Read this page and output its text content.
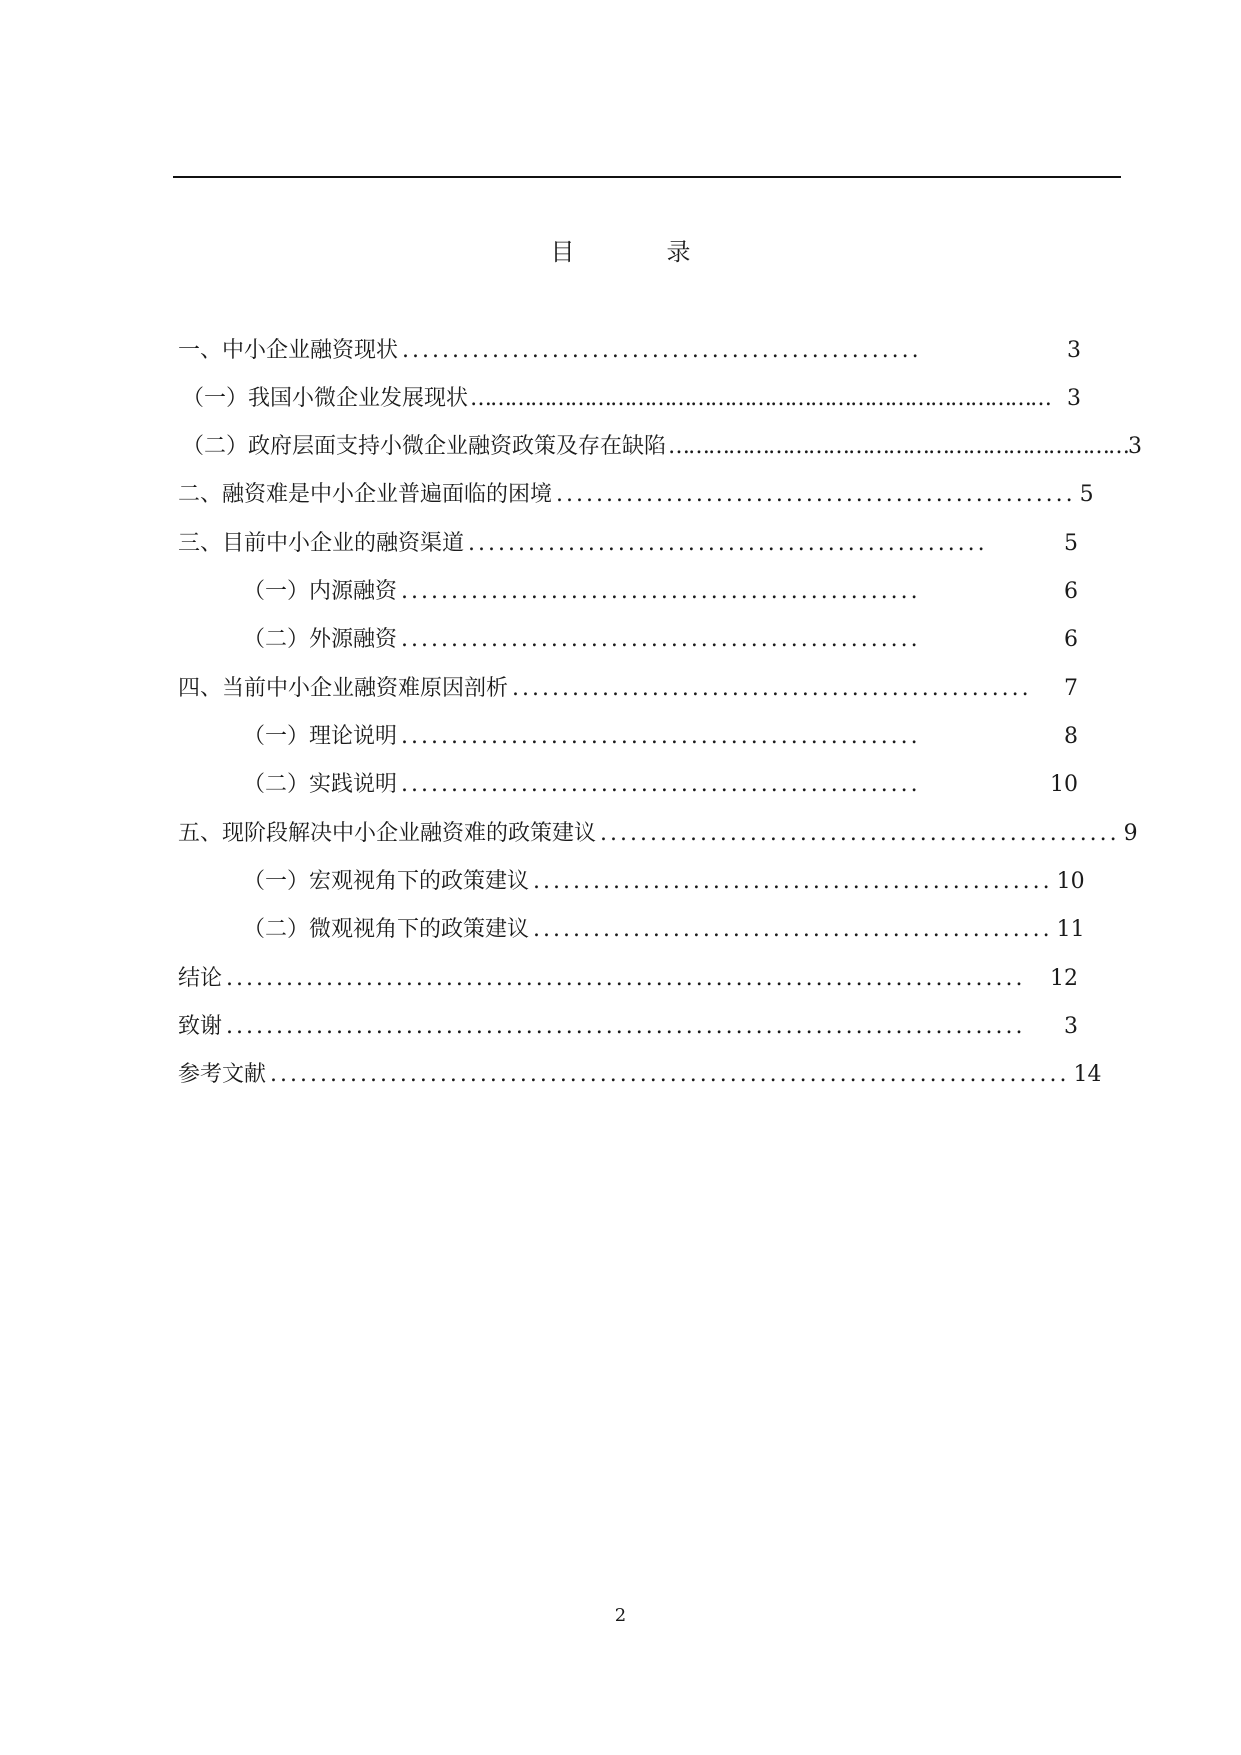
目　录
一、中小企业融资现状 ....................................................	3
（一）我国小微企业发展现状 …………………………………………………………………………… 3
（二）政府层面支持小微企业融资政策及存在缺陷 …………………………………………………………… 3
二、融资难是中小企业普遍面临的困境 .................................................... 5
三、目前中小企业的融资渠道 ....................................................	5
（一）内源融资 ....................................................	6
（二）外源融资 ....................................................	6
四、当前中小企业融资难原因剖析 ....................................................	7
（一）理论说明 ....................................................	8
（二）实践说明 ....................................................	10
五、现阶段解决中小企业融资难的政策建议 .................................................... 9
（一）宏观视角下的政策建议 .................................................... 10
（二）微观视角下的政策建议 .................................................... 11
结论 ................................................................................	12
致谢 ................................................................................	3
参考文献 ................................................................................ 14
2
